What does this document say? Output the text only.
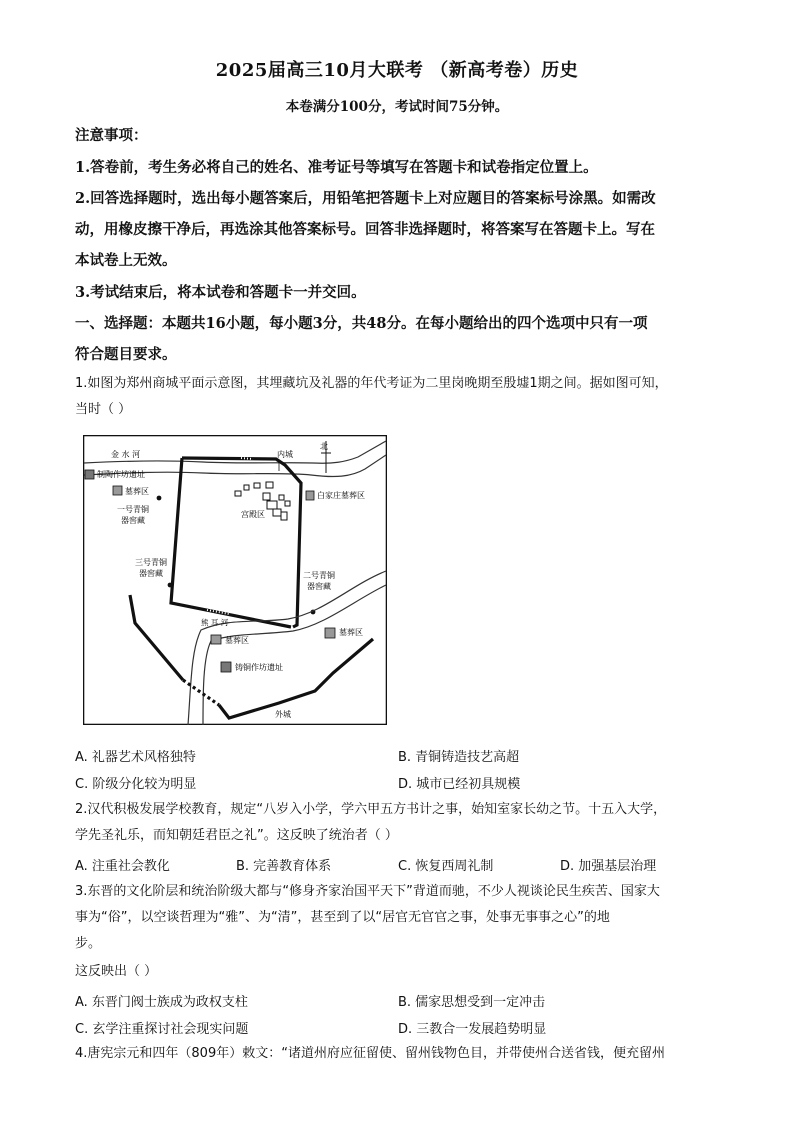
2025届高三10月大联考 （新高考卷）历史
本卷满分100分，考试时间75分钟。
注意事项：
1.答卷前，考生务必将自己的姓名、准考证号等填写在答题卡和试卷指定位置上。
2.回答选择题时，选出每小题答案后，用铅笔把答题卡上对应题目的答案标号涂黑。如需改
动，用橡皮擦干净后，再选涂其他答案标号。回答非选择题时，将答案写在答题卡上。写在
本试卷上无效。
3.考试结束后，将本试卷和答题卡一并交回。
一、选择题：本题共16小题，每小题3分，共48分。在每小题给出的四个选项中只有一项
符合题目要求。
1.如图为郑州商城平面示意图，其埋藏坑及礼器的年代考证为二里岗晚期至殷墟1期之间。据如图可知，
当时（ ）
金 水 河
北
内城
宫殿区
制陶作坊遗址
墓葬区	白家庄墓葬区
一号青铜
器窖藏
三号青铜
器窖藏	二号青铜
器窖藏
熊 耳 河
外城
墓葬区
墓葬区
铸铜作坊遗址
A. 礼器艺术风格独特	B. 青铜铸造技艺高超
C. 阶级分化较为明显	D. 城市已经初具规模
2.汉代积极发展学校教育，规定“八岁入小学，学六甲五方书计之事，始知室家长幼之节。十五入大学，
学先圣礼乐，而知朝廷君臣之礼”。这反映了统治者（ ）
A. 注重社会教化	B. 完善教育体系	C. 恢复西周礼制	D. 加强基层治理
3.东晋的文化阶层和统治阶级大都与“修身齐家治国平天下”背道而驰，不少人视谈论民生疾苦、国家大
事为“俗”，以空谈哲理为“雅”、为“清”，甚至到了以“居官无官官之事，处事无事事之心”的地
步。
这反映出（ ）
A. 东晋门阀士族成为政权支柱	B. 儒家思想受到一定冲击
C. 玄学注重探讨社会现实问题	D. 三教合一发展趋势明显
4.唐宪宗元和四年（809年）敕文：“诸道州府应征留使、留州钱物色目，并带使州合送省钱，便充留州
